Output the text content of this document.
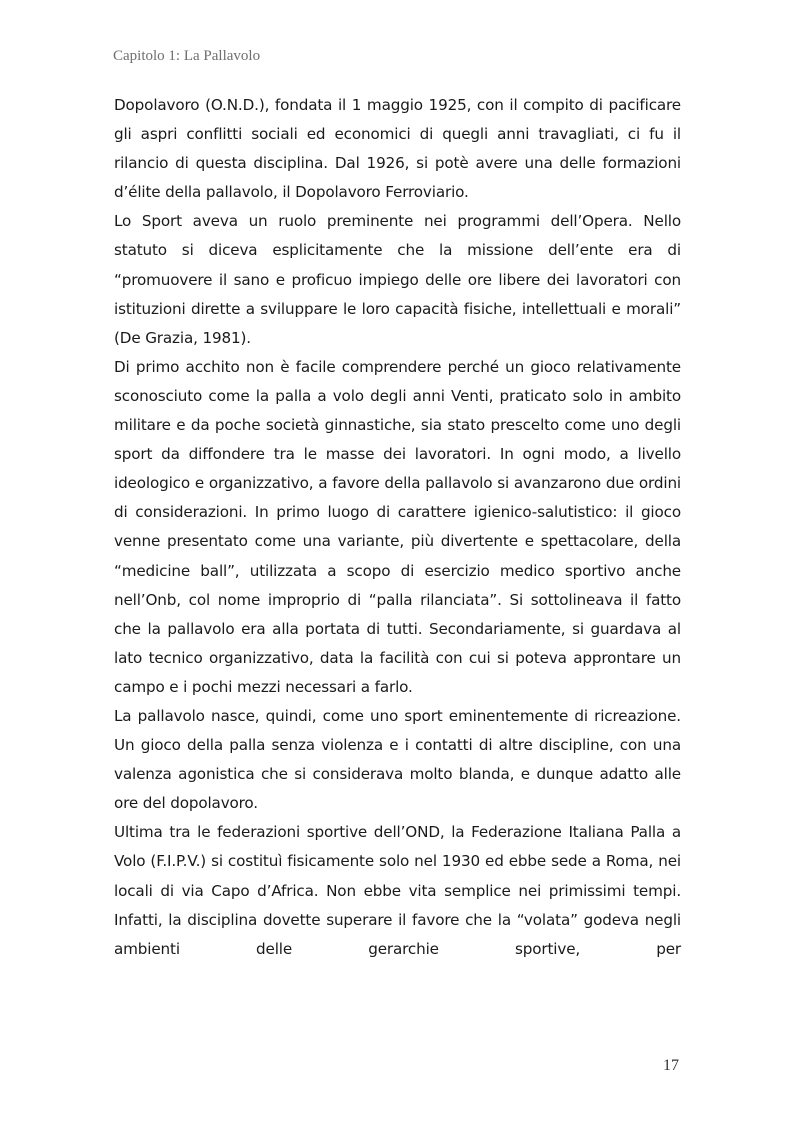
Capitolo 1: La Pallavolo

Dopolavoro (O.N.D.), fondata il 1 maggio 1925, con il compito di pacificare gli aspri conflitti sociali ed economici di quegli anni travagliati, ci fu il rilancio di questa disciplina. Dal 1926, si potè avere una delle formazioni d’élite della pallavolo, il Dopolavoro Ferroviario.

Lo Sport aveva un ruolo preminente nei programmi dell’Opera. Nello statuto si diceva esplicitamente che la missione dell’ente era di “promuovere il sano e proficuo impiego delle ore libere dei lavoratori con istituzioni dirette a sviluppare le loro capacità fisiche, intellettuali e morali” (De Grazia, 1981).

Di primo acchito non è facile comprendere perché un gioco relativamente sconosciuto come la palla a volo degli anni Venti, praticato solo in ambito militare e da poche società ginnastiche, sia stato prescelto come uno degli sport da diffondere tra le masse dei lavoratori. In ogni modo, a livello ideologico e organizzativo, a favore della pallavolo si avanzarono due ordini di considerazioni. In primo luogo di carattere igienico-salutistico: il gioco venne presentato come una variante, più divertente e spettacolare, della “medicine ball”, utilizzata a scopo di esercizio medico sportivo anche nell’Onb, col nome improprio di “palla rilanciata”. Si sottolineava il fatto che la pallavolo era alla portata di tutti. Secondariamente, si guardava al lato tecnico organizzativo, data la facilità con cui si poteva approntare un campo e i pochi mezzi necessari a farlo.

La pallavolo nasce, quindi, come uno sport eminentemente di ricreazione. Un gioco della palla senza violenza e i contatti di altre discipline, con una valenza agonistica che si considerava molto blanda, e dunque adatto alle ore del dopolavoro.

Ultima tra le federazioni sportive dell’OND, la Federazione Italiana Palla a Volo (F.I.P.V.) si costituì fisicamente solo nel 1930 ed ebbe sede a Roma, nei locali di via Capo d’Africa. Non ebbe vita semplice nei primissimi tempi. Infatti, la disciplina dovette superare il favore che la “volata” godeva negli ambienti delle gerarchie sportive, per

17
